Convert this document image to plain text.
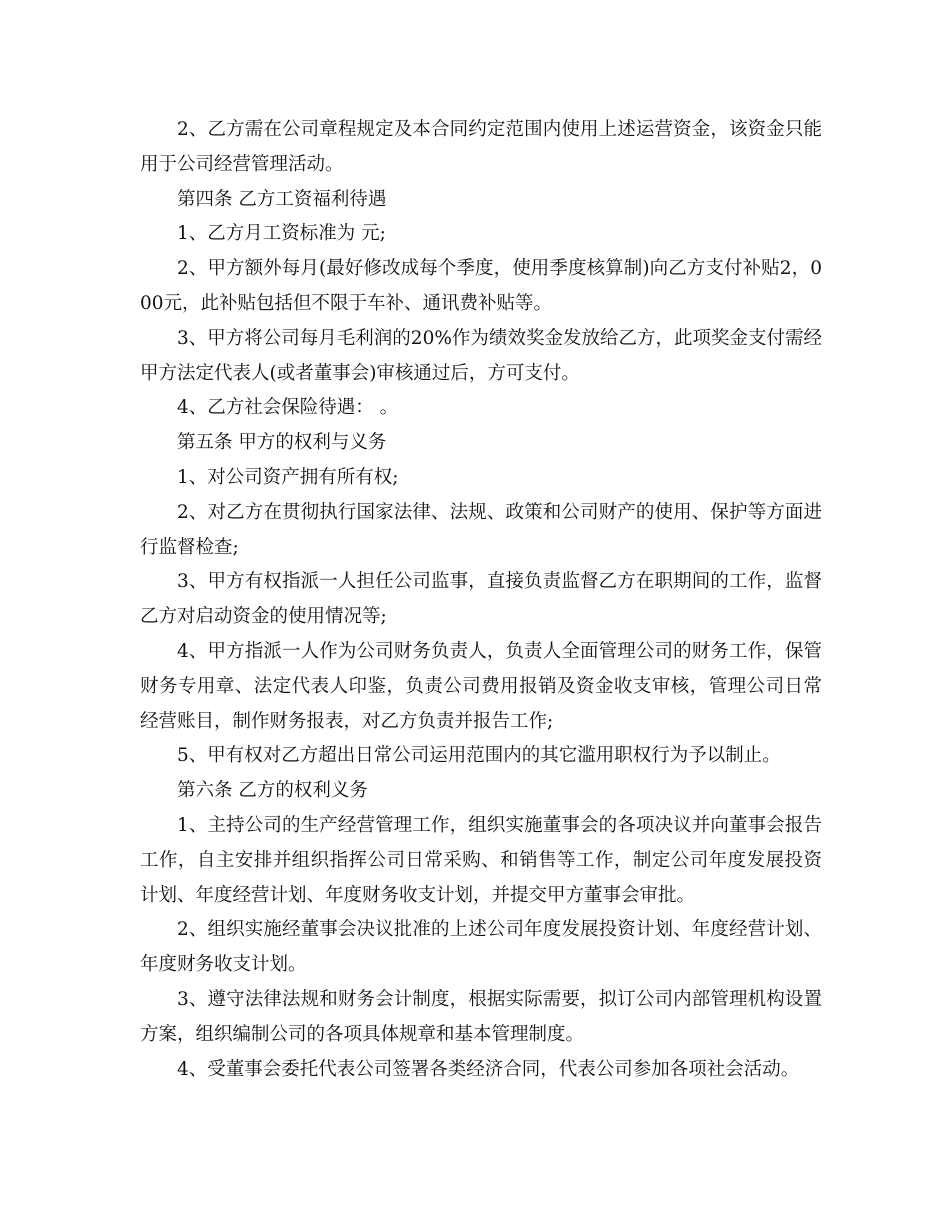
2、乙方需在公司章程规定及本合同约定范围内使用上述运营资金，该资金只能用于公司经营管理活动。

第四条 乙方工资福利待遇

1、乙方月工资标准为 元;

2、甲方额外每月(最好修改成每个季度，使用季度核算制)向乙方支付补贴2，000元，此补贴包括但不限于车补、通讯费补贴等。

3、甲方将公司每月毛利润的20%作为绩效奖金发放给乙方，此项奖金支付需经甲方法定代表人(或者董事会)审核通过后，方可支付。

4、乙方社会保险待遇： 。

第五条 甲方的权利与义务

1、对公司资产拥有所有权;

2、对乙方在贯彻执行国家法律、法规、政策和公司财产的使用、保护等方面进行监督检查;

3、甲方有权指派一人担任公司监事，直接负责监督乙方在职期间的工作，监督乙方对启动资金的使用情况等;

4、甲方指派一人作为公司财务负责人，负责人全面管理公司的财务工作，保管财务专用章、法定代表人印鉴，负责公司费用报销及资金收支审核，管理公司日常经营账目，制作财务报表，对乙方负责并报告工作;

5、甲有权对乙方超出日常公司运用范围内的其它滥用职权行为予以制止。

第六条 乙方的权利义务

1、主持公司的生产经营管理工作，组织实施董事会的各项决议并向董事会报告工作，自主安排并组织指挥公司日常采购、和销售等工作，制定公司年度发展投资计划、年度经营计划、年度财务收支计划，并提交甲方董事会审批。

2、组织实施经董事会决议批准的上述公司年度发展投资计划、年度经营计划、年度财务收支计划。

3、遵守法律法规和财务会计制度，根据实际需要，拟订公司内部管理机构设置方案，组织编制公司的各项具体规章和基本管理制度。

4、受董事会委托代表公司签署各类经济合同，代表公司参加各项社会活动。
